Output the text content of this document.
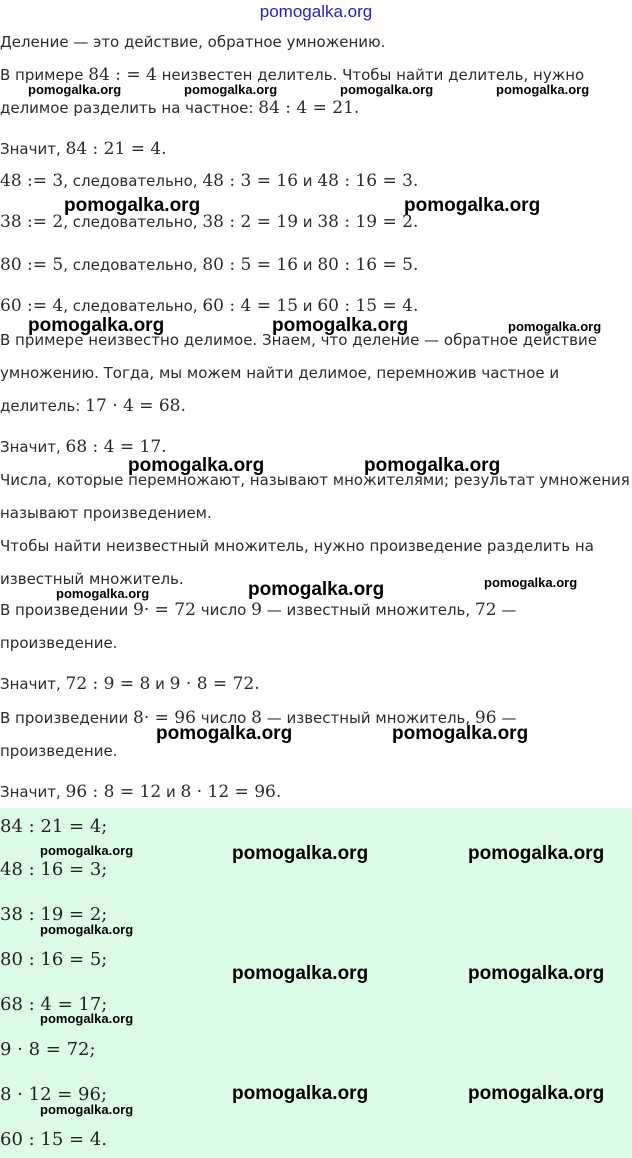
pomogalka.org
Деление — это действие, обратное умножению.
В примере 84 : = 4 неизвестен делитель. Чтобы найти делитель, нужно
делимое разделить на частное: 84 : 4 = 21.
Значит, 84 : 21 = 4.
48 := 3, следовательно, 48 : 3 = 16 и 48 : 16 = 3.
38 := 2, следовательно, 38 : 2 = 19 и 38 : 19 = 2.
80 := 5, следовательно, 80 : 5 = 16 и 80 : 16 = 5.
60 := 4, следовательно, 60 : 4 = 15 и 60 : 15 = 4.
В примере неизвестно делимое. Знаем, что деление — обратное действие
умножению. Тогда, мы можем найти делимое, перемножив частное и
делитель: 17 · 4 = 68.
Значит, 68 : 4 = 17.
Числа, которые перемножают, называют множителями; результат умножения
называют произведением.
Чтобы найти неизвестный множитель, нужно произведение разделить на
известный множитель.
В произведении 9· = 72 число 9 — известный множитель, 72 —
произведение.
Значит, 72 : 9 = 8 и 9 · 8 = 72.
В произведении 8· = 96 число 8 — известный множитель, 96 —
произведение.
Значит, 96 : 8 = 12 и 8 · 12 = 96.
84 : 21 = 4;
48 : 16 = 3;
38 : 19 = 2;
80 : 16 = 5;
68 : 4 = 17;
9 · 8 = 72;
8 · 12 = 96;
60 : 15 = 4.
pomogalka.org	pomogalka.org	pomogalka.org	pomogalka.org
pomogalka.org	pomogalka.org
pomogalka.org	pomogalka.org	pomogalka.org
pomogalka.org	pomogalka.org
pomogalka.org	pomogalka.org
pomogalka.org
pomogalka.org	pomogalka.org
pomogalka.org	pomogalka.org	pomogalka.org
pomogalka.org
pomogalka.org	pomogalka.org
pomogalka.org
pomogalka.org	pomogalka.org
pomogalka.org
